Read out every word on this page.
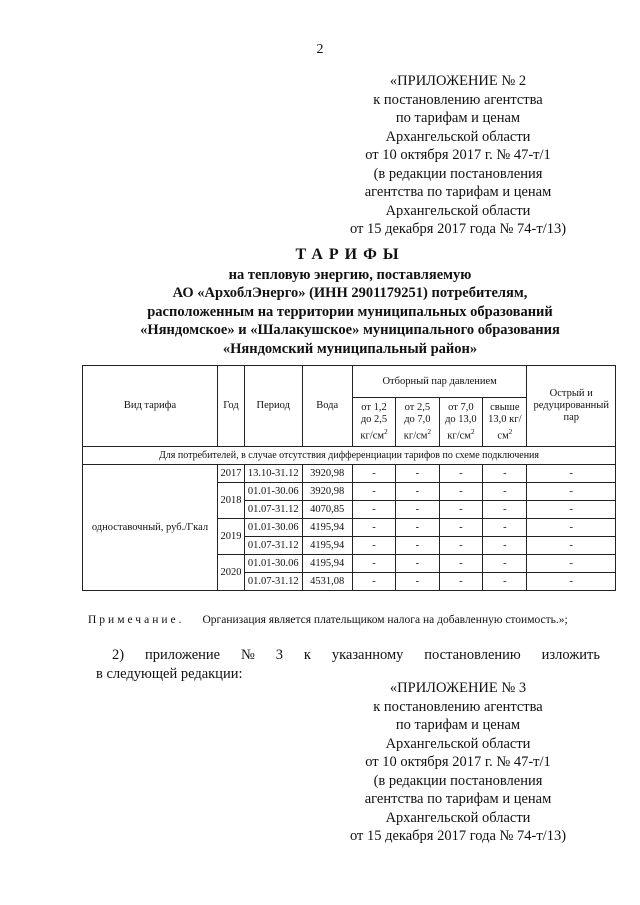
2
«ПРИЛОЖЕНИЕ № 2
к постановлению агентства
по тарифам и ценам
Архангельской области
от 10 октября 2017 г. № 47-т/1
(в редакции постановления
агентства по тарифам и ценам
Архангельской области
от 15 декабря 2017 года № 74-т/13)
ТАРИФЫ
на тепловую энергию, поставляемую
АО «АрхоблЭнерго» (ИНН 2901179251) потребителям,
расположенным на территории муниципальных образований
«Няндомское» и «Шалакушское» муниципального образования
«Няндомский муниципальный район»
Вид тарифа	Год	Период	Вода	Отборный пар давлением				Острый и редуцированный пар
				от 1,2 до 2,5 $кг/см^2$	от 2,5 до 7,0 $кг/см^2$	от 7,0 до 13,0 $кг/см^2$	свыше 13,0 $кг/см^2$
Для потребителей, в случае отсутствия дифференциации тарифов по схеме подключения								
одноставочный, руб./Гкал	2017	13.10-31.12	3920,98	-	-	-	-	-
	2018	01.01-30.06	3920,98	-	-	-	-	-
		01.07-31.12	4070,85	-	-	-	-	-
	2019	01.01-30.06	4195,94	-	-	-	-	-
		01.07-31.12	4195,94	-	-	-	-	-
	2020	01.01-30.06	4195,94	-	-	-	-	-
		01.07-31.12	4531,08	-	-	-	-	-
Примечание. Организация является плательщиком налога на добавленную стоимость.»;
2) приложение № 3 к указанному постановлению изложить
в следующей редакции:
«ПРИЛОЖЕНИЕ № 3
к постановлению агентства
по тарифам и ценам
Архангельской области
от 10 октября 2017 г. № 47-т/1
(в редакции постановления
агентства по тарифам и ценам
Архангельской области
от 15 декабря 2017 года № 74-т/13)
